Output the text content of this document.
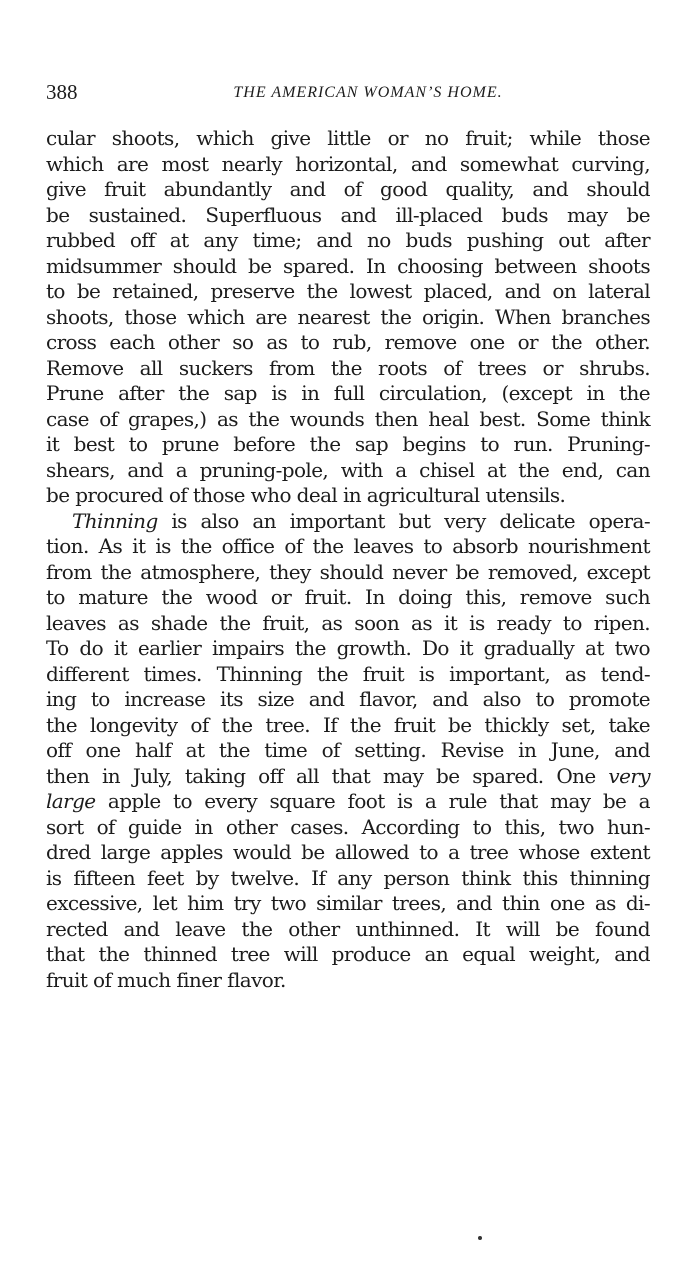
388	THE AMERICAN WOMAN’S HOME.
cular shoots, which give little or no fruit; while those
which are most nearly horizontal, and somewhat curving,
give fruit abundantly and of good quality, and should
be sustained. Superfluous and ill-placed buds may be
rubbed off at any time; and no buds pushing out after
midsummer should be spared. In choosing between shoots
to be retained, preserve the lowest placed, and on lateral
shoots, those which are nearest the origin. When branches
cross each other so as to rub, remove one or the other.
Remove all suckers from the roots of trees or shrubs.
Prune after the sap is in full circulation, (except in the
case of grapes,) as the wounds then heal best. Some think
it best to prune before the sap begins to run. Pruning-
shears, and a pruning-pole, with a chisel at the end, can
be procured of those who deal in agricultural utensils.
Thinning is also an important but very delicate opera-
tion. As it is the office of the leaves to absorb nourishment
from the atmosphere, they should never be removed, except
to mature the wood or fruit. In doing this, remove such
leaves as shade the fruit, as soon as it is ready to ripen.
To do it earlier impairs the growth. Do it gradually at two
different times. Thinning the fruit is important, as tend-
ing to increase its size and flavor, and also to promote
the longevity of the tree. If the fruit be thickly set, take
off one half at the time of setting. Revise in June, and
then in July, taking off all that may be spared. One very
large apple to every square foot is a rule that may be a
sort of guide in other cases. According to this, two hun-
dred large apples would be allowed to a tree whose extent
is fifteen feet by twelve. If any person think this thinning
excessive, let him try two similar trees, and thin one as di-
rected and leave the other unthinned. It will be found
that the thinned tree will produce an equal weight, and
fruit of much finer flavor.
